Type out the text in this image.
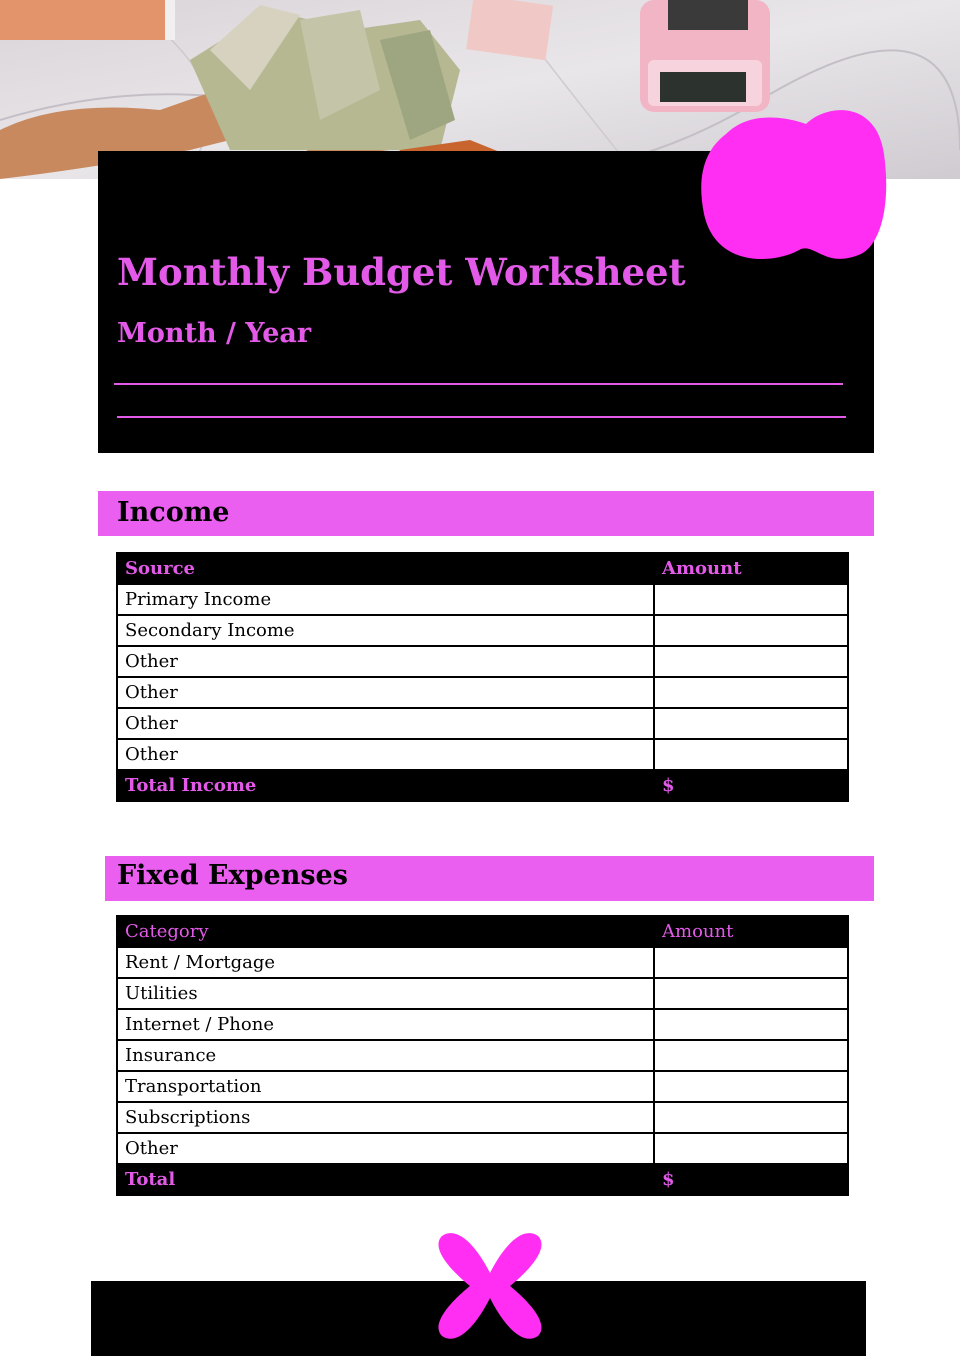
Monthly Budget Worksheet
Month / Year
Income
Source	Amount
Primary Income	
Secondary Income	
Other	
Other	
Other	
Other	
Total Income	$
Fixed Expenses
Category	Amount
Rent / Mortgage	
Utilities	
Internet / Phone	
Insurance	
Transportation	
Subscriptions	
Other	
Total	$
